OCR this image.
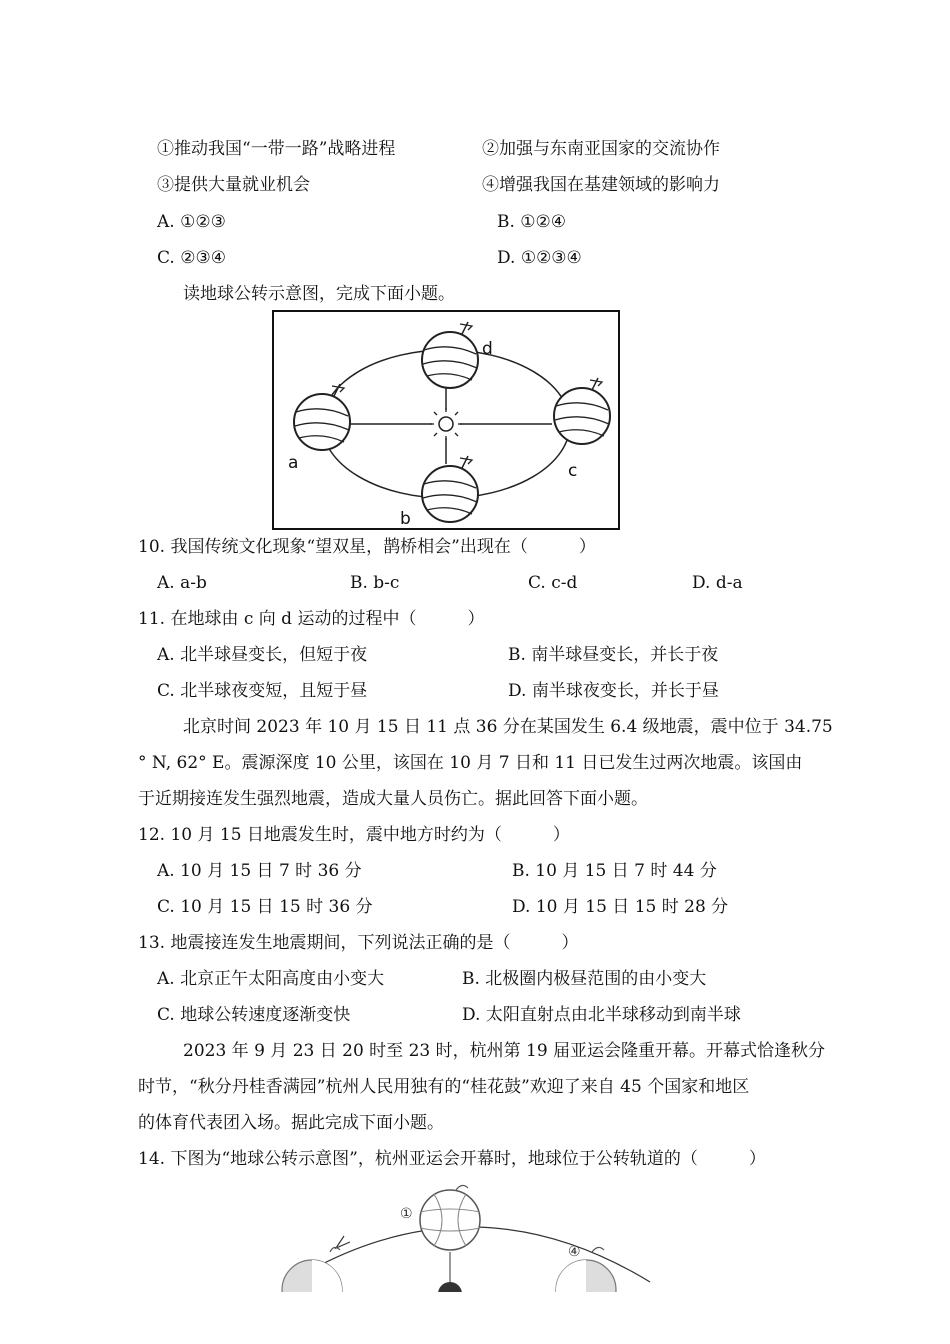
①推动我国“一带一路”战略进程	②加强与东南亚国家的交流协作
③提供大量就业机会	④增强我国在基建领域的影响力
A. ①②③	B. ①②④
C. ②③④	D. ①②③④
读地球公转示意图，完成下面小题。
a
b
c
d
10. 我国传统文化现象“望双星，鹊桥相会”出现在（　　　）
A. a-b	B. b-c	C. c-d	D. d-a
11. 在地球由 c 向 d 运动的过程中（　　　）
A. 北半球昼变长，但短于夜	B. 南半球昼变长，并长于夜
C. 北半球夜变短，且短于昼	D. 南半球夜变长，并长于昼
北京时间 2023 年 10 月 15 日 11 点 36 分在某国发生 6.4 级地震，震中位于 34.75
° N, 62° E。震源深度 10 公里，该国在 10 月 7 日和 11 日已发生过两次地震。该国由
于近期接连发生强烈地震，造成大量人员伤亡。据此回答下面小题。
12. 10 月 15 日地震发生时，震中地方时约为（　　　）
A. 10 月 15 日 7 时 36 分	B. 10 月 15 日 7 时 44 分
C. 10 月 15 日 15 时 36 分	D. 10 月 15 日 15 时 28 分
13. 地震接连发生地震期间，下列说法正确的是（　　　）
A. 北京正午太阳高度由小变大	B. 北极圈内极昼范围的由小变大
C. 地球公转速度逐渐变快	D. 太阳直射点由北半球移动到南半球
2023 年 9 月 23 日 20 时至 23 时，杭州第 19 届亚运会隆重开幕。开幕式恰逢秋分
时节，“秋分丹桂香满园”杭州人民用独有的“桂花鼓”欢迎了来自 45 个国家和地区
的体育代表团入场。据此完成下面小题。
14. 下图为“地球公转示意图”，杭州亚运会开幕时，地球位于公转轨道的（　　　）
①
④
